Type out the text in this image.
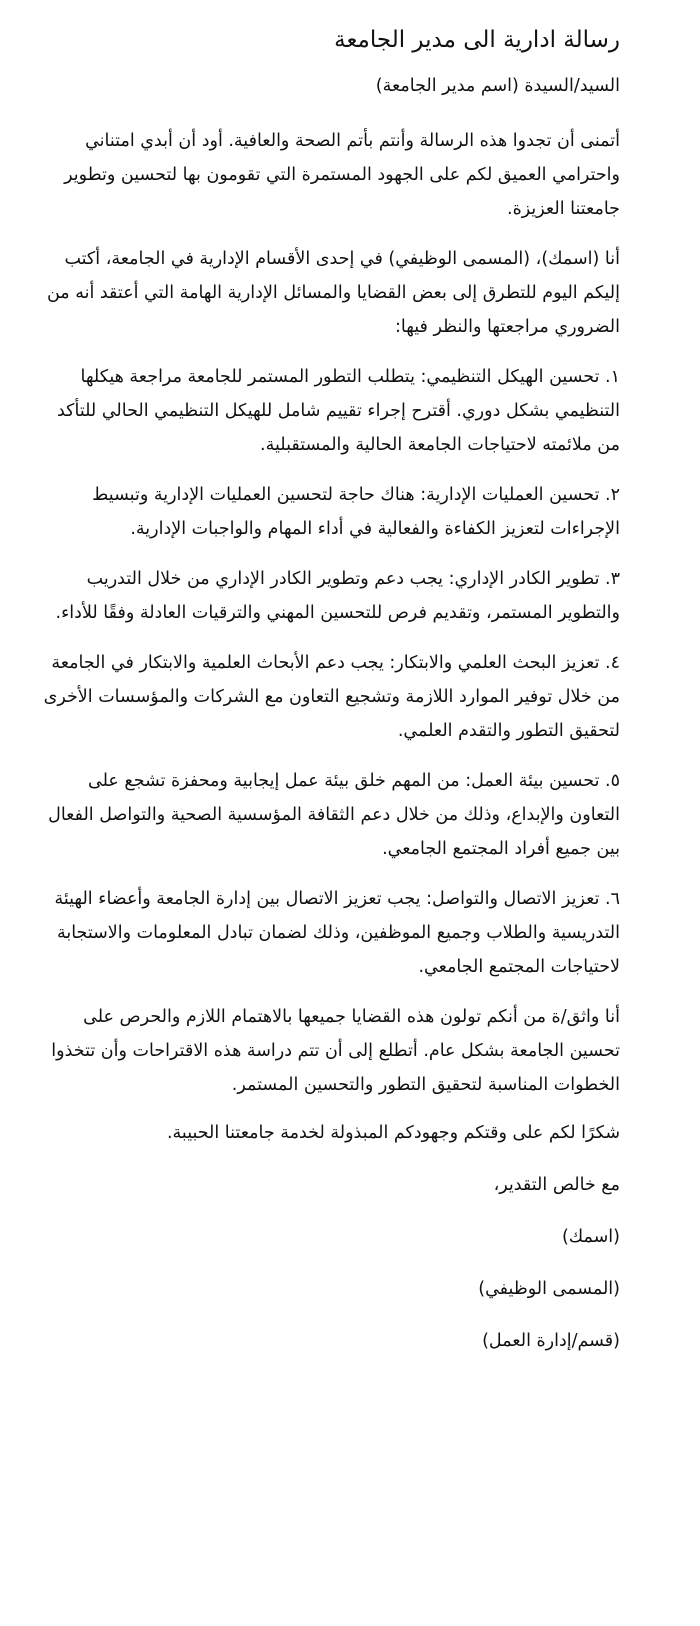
رسالة ادارية الى مدير الجامعة

السيد/السيدة (اسم مدير الجامعة)

أتمنى أن تجدوا هذه الرسالة وأنتم بأتم الصحة والعافية. أود أن أبدي امتناني واحترامي العميق لكم على الجهود المستمرة التي تقومون بها لتحسين وتطوير جامعتنا العزيزة.

أنا (اسمك)، (المسمى الوظيفي) في إحدى الأقسام الإدارية في الجامعة، أكتب إليكم اليوم للتطرق إلى بعض القضايا والمسائل الإدارية الهامة التي أعتقد أنه من الضروري مراجعتها والنظر فيها:

١. تحسين الهيكل التنظيمي: يتطلب التطور المستمر للجامعة مراجعة هيكلها التنظيمي بشكل دوري. أقترح إجراء تقييم شامل للهيكل التنظيمي الحالي للتأكد من ملائمته لاحتياجات الجامعة الحالية والمستقبلية.

٢. تحسين العمليات الإدارية: هناك حاجة لتحسين العمليات الإدارية وتبسيط الإجراءات لتعزيز الكفاءة والفعالية في أداء المهام والواجبات الإدارية.

٣. تطوير الكادر الإداري: يجب دعم وتطوير الكادر الإداري من خلال التدريب والتطوير المستمر، وتقديم فرص للتحسين المهني والترقيات العادلة وفقًا للأداء.

٤. تعزيز البحث العلمي والابتكار: يجب دعم الأبحاث العلمية والابتكار في الجامعة من خلال توفير الموارد اللازمة وتشجيع التعاون مع الشركات والمؤسسات الأخرى لتحقيق التطور والتقدم العلمي.

٥. تحسين بيئة العمل: من المهم خلق بيئة عمل إيجابية ومحفزة تشجع على التعاون والإبداع، وذلك من خلال دعم الثقافة المؤسسية الصحية والتواصل الفعال بين جميع أفراد المجتمع الجامعي.

٦. تعزيز الاتصال والتواصل: يجب تعزيز الاتصال بين إدارة الجامعة وأعضاء الهيئة التدريسية والطلاب وجميع الموظفين، وذلك لضمان تبادل المعلومات والاستجابة لاحتياجات المجتمع الجامعي.

أنا واثق/ة من أنكم تولون هذه القضايا جميعها بالاهتمام اللازم والحرص على تحسين الجامعة بشكل عام. أتطلع إلى أن تتم دراسة هذه الاقتراحات وأن تتخذوا الخطوات المناسبة لتحقيق التطور والتحسين المستمر.

شكرًا لكم على وقتكم وجهودكم المبذولة لخدمة جامعتنا الحبيبة.

مع خالص التقدير،

(اسمك)

(المسمى الوظيفي)

(قسم/إدارة العمل)
